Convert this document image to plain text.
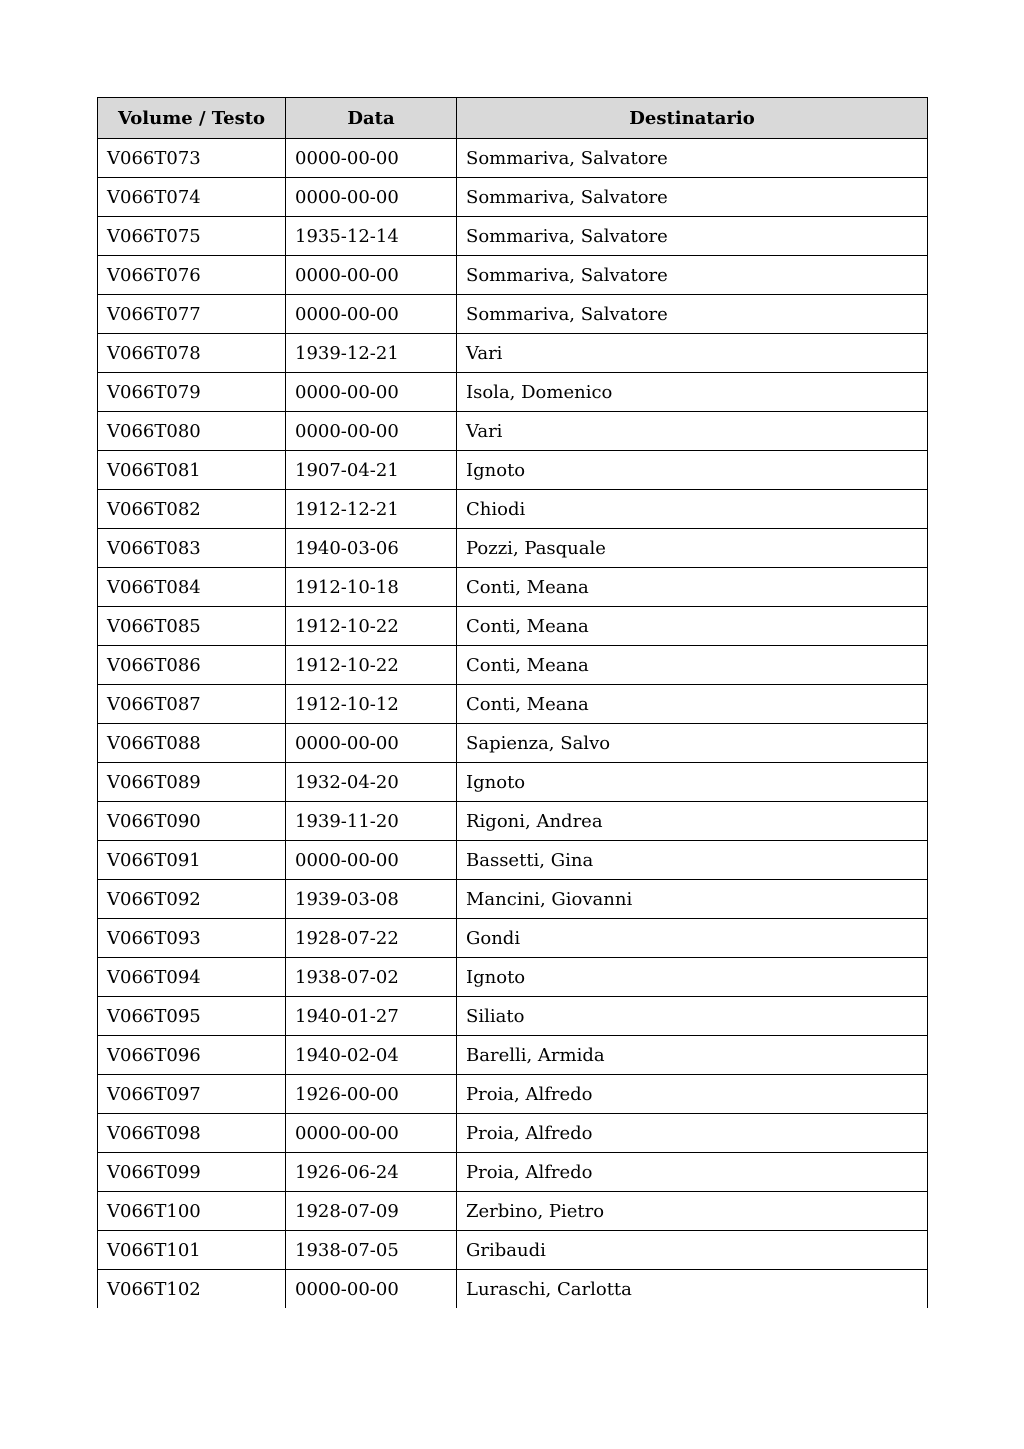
Volume / Testo	Data	Destinatario
V066T073	0000-00-00	Sommariva, Salvatore
V066T074	0000-00-00	Sommariva, Salvatore
V066T075	1935-12-14	Sommariva, Salvatore
V066T076	0000-00-00	Sommariva, Salvatore
V066T077	0000-00-00	Sommariva, Salvatore
V066T078	1939-12-21	Vari
V066T079	0000-00-00	Isola, Domenico
V066T080	0000-00-00	Vari
V066T081	1907-04-21	Ignoto
V066T082	1912-12-21	Chiodi
V066T083	1940-03-06	Pozzi, Pasquale
V066T084	1912-10-18	Conti, Meana
V066T085	1912-10-22	Conti, Meana
V066T086	1912-10-22	Conti, Meana
V066T087	1912-10-12	Conti, Meana
V066T088	0000-00-00	Sapienza, Salvo
V066T089	1932-04-20	Ignoto
V066T090	1939-11-20	Rigoni, Andrea
V066T091	0000-00-00	Bassetti, Gina
V066T092	1939-03-08	Mancini, Giovanni
V066T093	1928-07-22	Gondi
V066T094	1938-07-02	Ignoto
V066T095	1940-01-27	Siliato
V066T096	1940-02-04	Barelli, Armida
V066T097	1926-00-00	Proia, Alfredo
V066T098	0000-00-00	Proia, Alfredo
V066T099	1926-06-24	Proia, Alfredo
V066T100	1928-07-09	Zerbino, Pietro
V066T101	1938-07-05	Gribaudi
V066T102	0000-00-00	Luraschi, Carlotta
